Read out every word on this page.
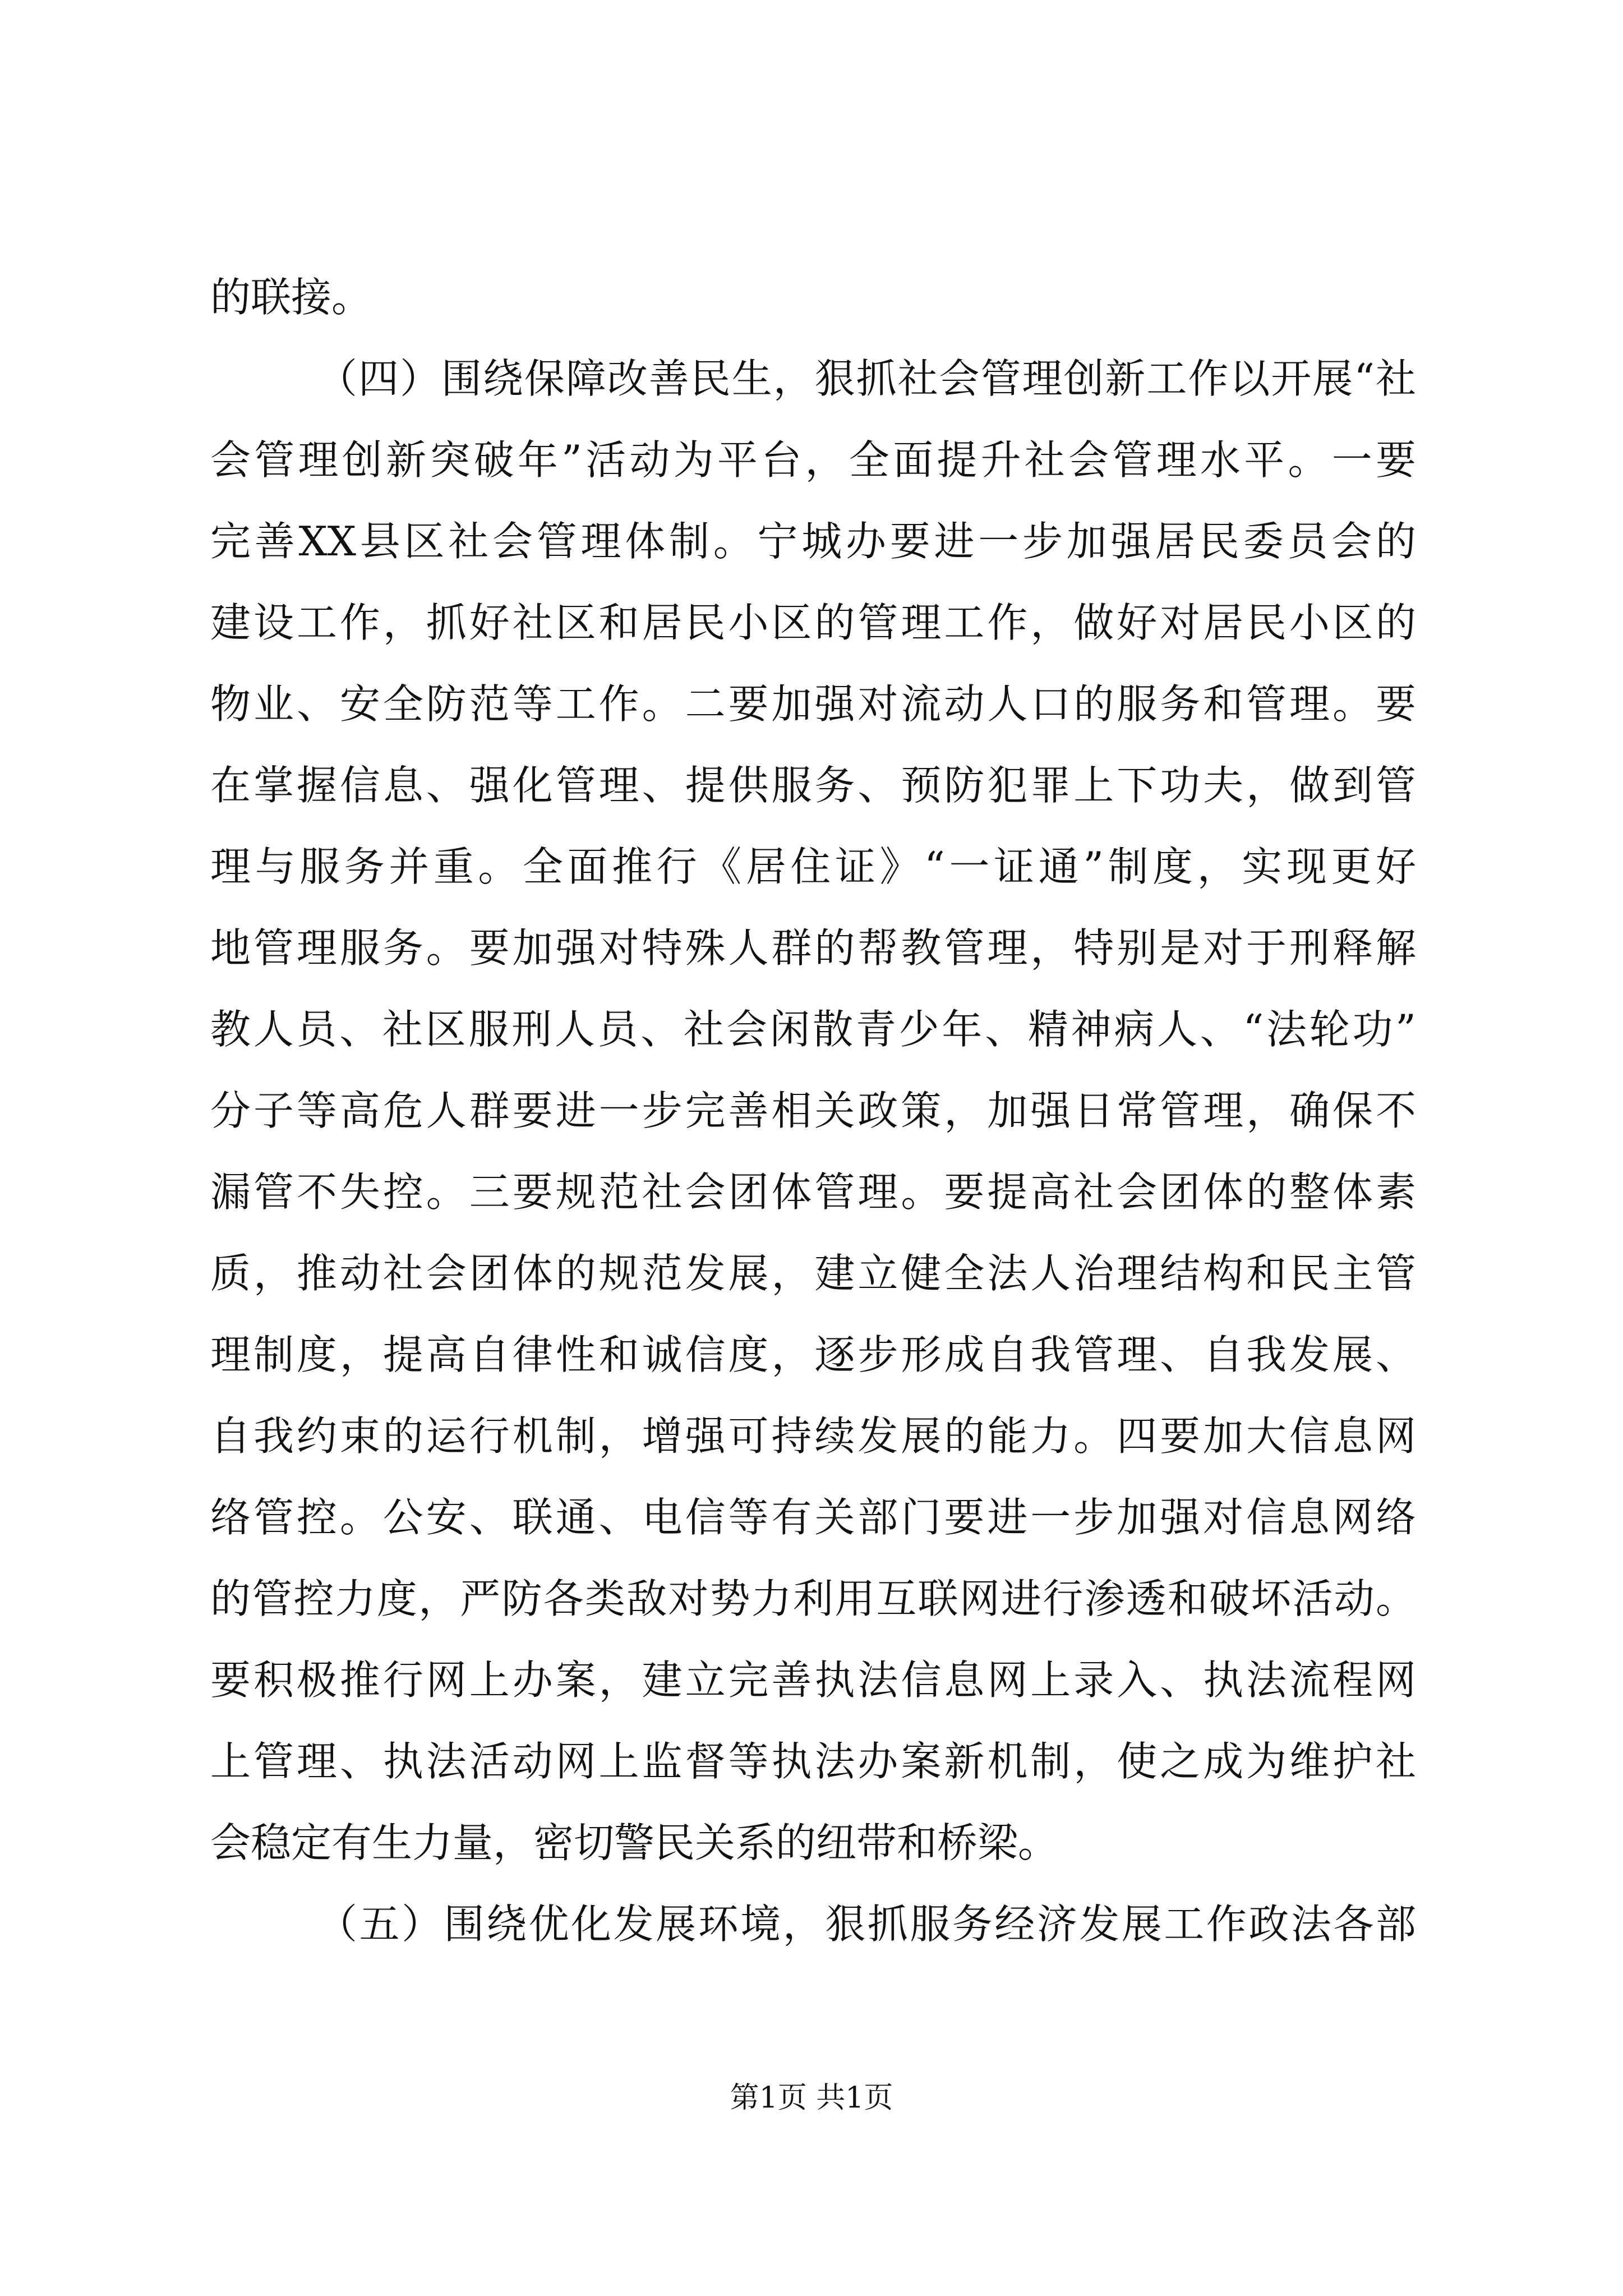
的联接。
（四）围绕保障改善民生，狠抓社会管理创新工作以开展“社
会管理创新突破年”活动为平台，全面提升社会管理水平。一要
完善XX县区社会管理体制。宁城办要进一步加强居民委员会的
建设工作，抓好社区和居民小区的管理工作，做好对居民小区的
物业、安全防范等工作。二要加强对流动人口的服务和管理。要
在掌握信息、强化管理、提供服务、预防犯罪上下功夫，做到管
理与服务并重。全面推行《居住证》“一证通”制度，实现更好
地管理服务。要加强对特殊人群的帮教管理，特别是对于刑释解
教人员、社区服刑人员、社会闲散青少年、精神病人、“法轮功”
分子等高危人群要进一步完善相关政策，加强日常管理，确保不
漏管不失控。三要规范社会团体管理。要提高社会团体的整体素
质，推动社会团体的规范发展，建立健全法人治理结构和民主管
理制度，提高自律性和诚信度，逐步形成自我管理、自我发展、
自我约束的运行机制，增强可持续发展的能力。四要加大信息网
络管控。公安、联通、电信等有关部门要进一步加强对信息网络
的管控力度，严防各类敌对势力利用互联网进行渗透和破坏活动。
要积极推行网上办案，建立完善执法信息网上录入、执法流程网
上管理、执法活动网上监督等执法办案新机制，使之成为维护社
会稳定有生力量，密切警民关系的纽带和桥梁。
（五）围绕优化发展环境，狠抓服务经济发展工作政法各部
第1页 共1页
